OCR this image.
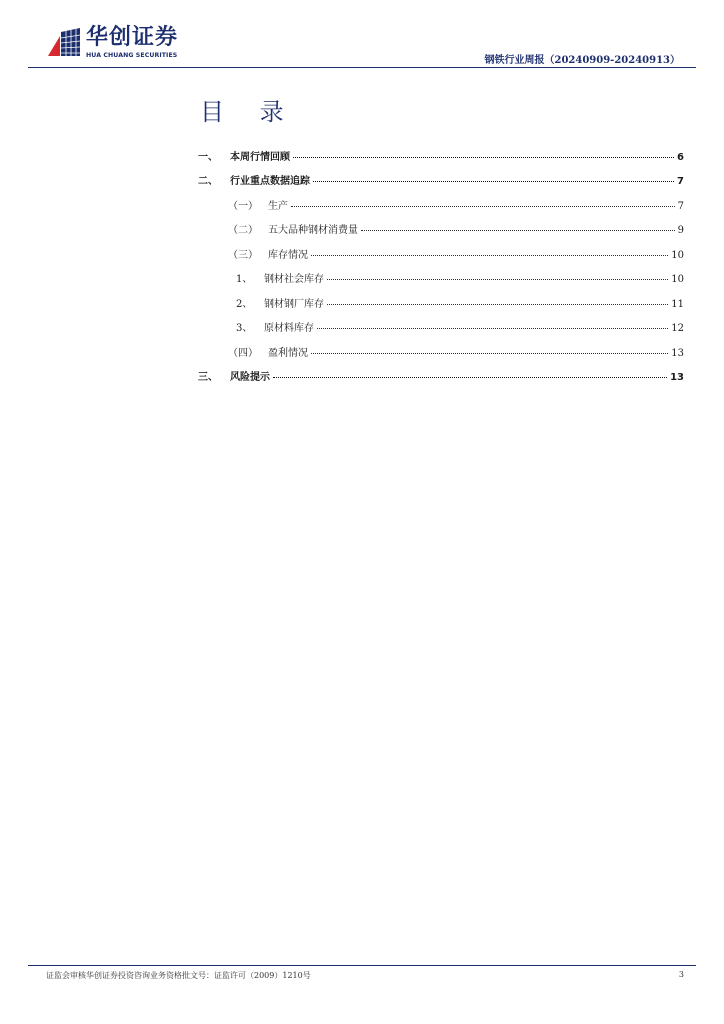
华创证券
HUA CHUANG SECURITIES	钢铁行业周报（20240909-20240913）
目 录
一、	本周行情回顾	6
二、	行业重点数据追踪	7
（一）	生产	7
（二）	五大品种钢材消费量	9
（三）	库存情况	10
1、	钢材社会库存	10
2、	钢材钢厂库存	11
3、	原材料库存	12
（四）	盈利情况	13
三、	风险提示	13
证监会审核华创证券投资咨询业务资格批文号：证监许可（2009）1210号	3
